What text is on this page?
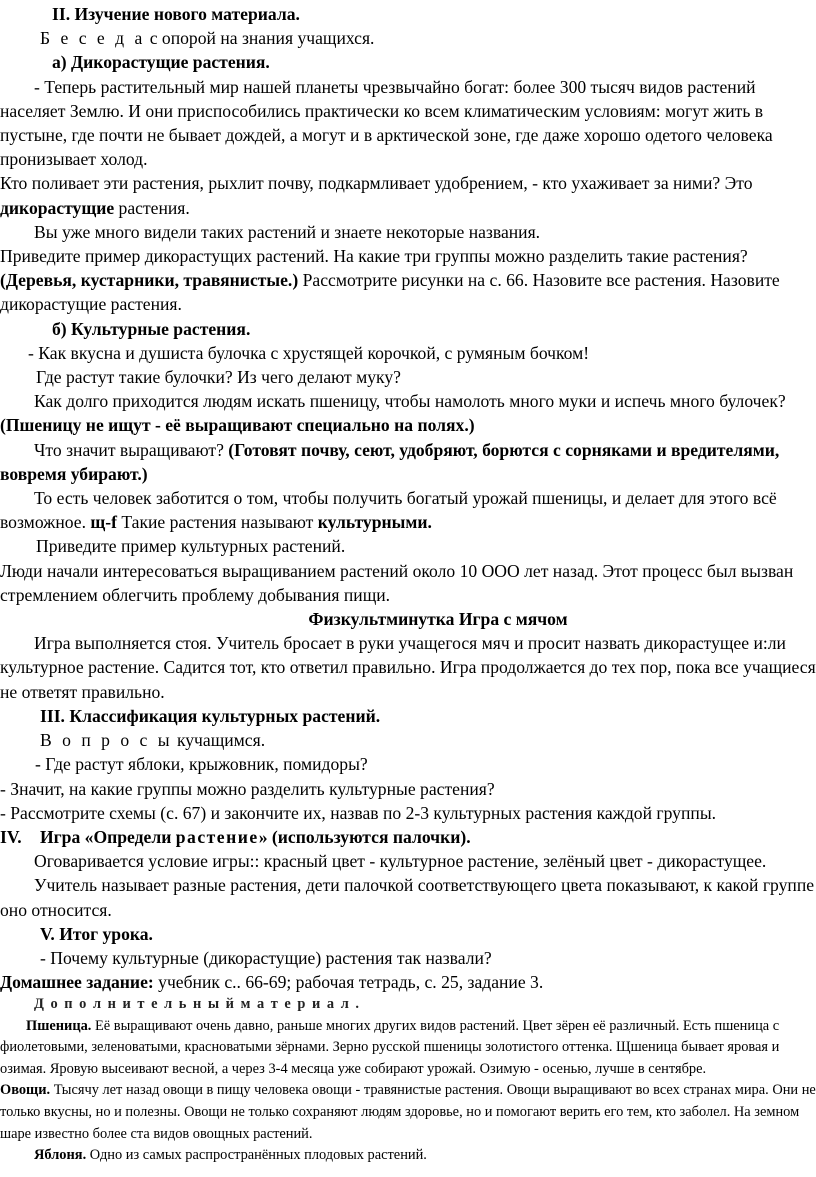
II. Изучение нового материала.

Б е с е д а с опорой на знания учащихся.

а) Дикорастущие растения.

- Теперь растительный мир нашей планеты чрезвычайно богат: более 300 тысяч видов растений населяет Землю. И они приспособились практически ко всем климатическим условиям: могут жить в пустыне, где почти не бывает дождей, а могут и в арктической зоне, где даже хорошо одетого человека пронизывает холод.

Кто поливает эти растения, рыхлит почву, подкармливает удобрением, - кто ухаживает за ними? Это дикорастущие растения.

Вы уже много видели таких растений и знаете некоторые названия.

Приведите пример дикорастущих растений. На какие три группы можно разделить такие растения? (Деревья, кустарники, травянистые.) Рассмотрите рисунки на с. 66. Назовите все растения. Назовите дикорастущие растения.

б) Культурные растения.

- Как вкусна и душиста булочка с хрустящей корочкой, с румяным бочком!

Где растут такие булочки? Из чего делают муку?

Как долго приходится людям искать пшеницу, чтобы намолоть много муки и испечь много булочек? (Пшеницу не ищут - её выращивают специально на полях.)

Что значит выращивают? (Готовят почву, сеют, удобряют, борются с сорняками и вредителями, вовремя убирают.)

То есть человек заботится о том, чтобы получить богатый урожай пшеницы, и делает для этого всё возможное. щ-f Такие растения называют культурными.

Приведите пример культурных растений.

Люди начали интересоваться выращиванием растений около 10 ООО лет назад. Этот процесс был вызван стремлением облегчить проблему добывания пищи.

Физкультминутка Игра с мячом

Игра выполняется стоя. Учитель бросает в руки учащегося мяч и просит назвать дикорастущее и:ли культурное растение. Садится тот, кто ответил правильно. Игра продолжается до тех пор, пока все учащиеся не ответят правильно.

III. Классификация культурных растений.

В о п р о с ы кучащимся.

- Где растут яблоки, крыжовник, помидоры?

- Значит, на какие группы можно разделить культурные растения?

- Рассмотрите схемы (с. 67) и закончите их, назвав по 2-3 культурных растения каждой группы.

IV. Игра «Определи растение» (используются палочки).

Оговаривается условие игры:: красный цвет - культурное растение, зелёный цвет - дикорастущее.

Учитель называет разные растения, дети палочкой соответствующего цвета показывают, к какой группе оно относится.

V. Итог урока.

- Почему культурные (дикорастущие) растения так назвали?

Домашнее задание: учебник с.. 66-69; рабочая тетрадь, с. 25, задание 3.

Д о п о л н и т е л ь н ы й м а т е р и а л .

Пшеница. Её выращивают очень давно, раньше многих других видов растений. Цвет зёрен её различный. Есть пшеница с фиолетовыми, зеленоватыми, красноватыми зёрнами. Зерно русской пшеницы золотистого оттенка. Щшеница бывает яровая и озимая. Яровую высеивают весной, а через 3-4 месяца уже собирают урожай. Озимую - осенью, лучше в сентябре.

Овощи. Тысячу лет назад овощи в пищу человека овощи - травянистые растения. Овощи выращивают во всех странах мира. Они не только вкусны, но и полезны. Овощи не только сохраняют людям здоровье, но и помогают верить его тем, кто заболел. На земном шаре известно более ста видов овощных растений.

Яблоня. Одно из самых распространённых плодовых растений.
